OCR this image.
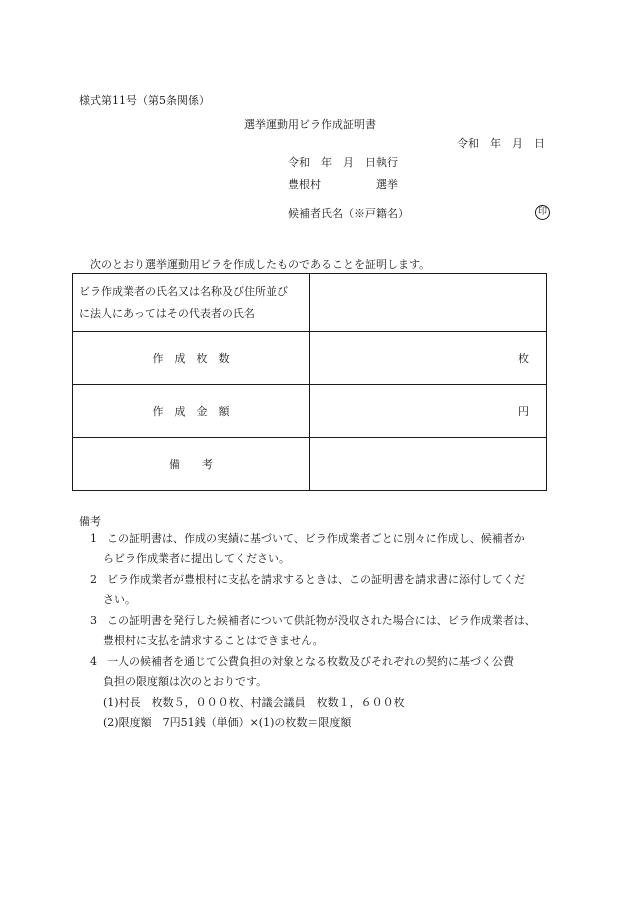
様式第11号（第5条関係）
選挙運動用ビラ作成証明書
令和　年　月　日
令和　年　月　日執行
豊根村　　　　　選挙
候補者氏名（※戸籍名）	印
次のとおり選挙運動用ビラを作成したものであることを証明します。
ビラ作成業者の氏名又は名称及び住所並び
に法人にあってはその代表者の氏名	

作　成　枚　数	枚
作　成　金　額	円
備　　考	
備考
1 この証明書は、作成の実績に基づいて、ビラ作成業者ごとに別々に作成し、候補者か
らビラ作成業者に提出してください。
2 ビラ作成業者が豊根村に支払を請求するときは、この証明書を請求書に添付してくだ
さい。
3 この証明書を発行した候補者について供託物が没収された場合には、ビラ作成業者は、
豊根村に支払を請求することはできません。
4 一人の候補者を通じて公費負担の対象となる枚数及びそれぞれの契約に基づく公費
負担の限度額は次のとおりです。
(1)村長　枚数５，０００枚、村議会議員　枚数１，６００枚
(2)限度額　7円51銭（単価）×(1)の枚数＝限度額
